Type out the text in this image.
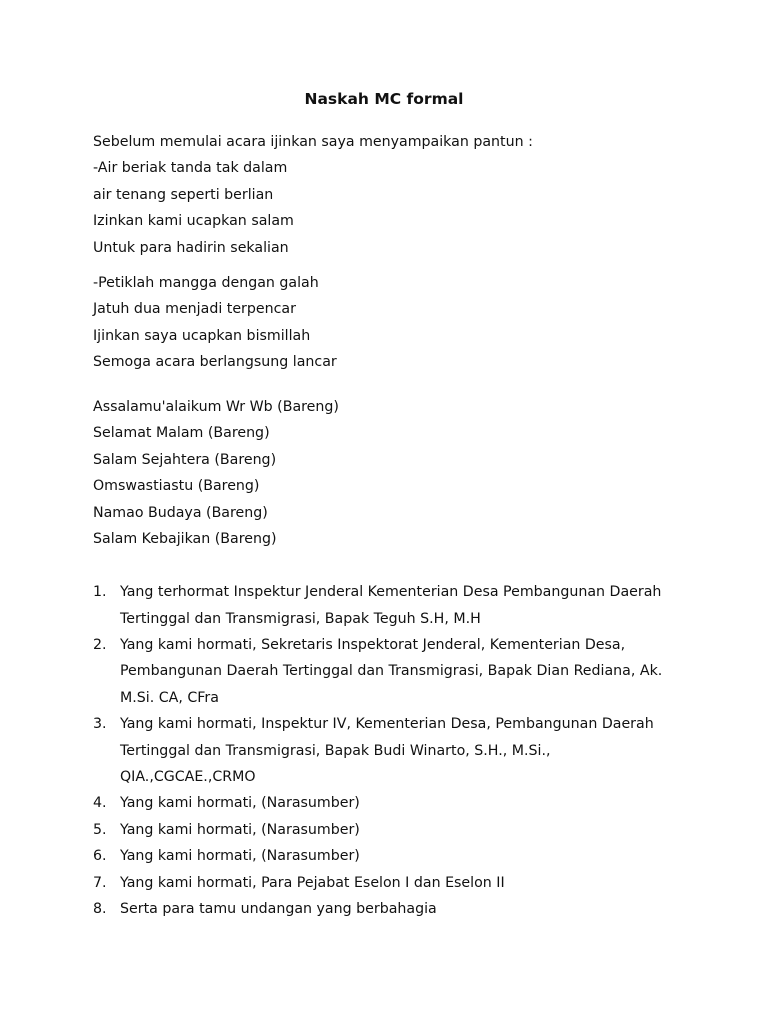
Naskah MC formal
Sebelum memulai acara ijinkan saya menyampaikan pantun :
-Air beriak tanda tak dalam
air tenang seperti berlian
Izinkan kami ucapkan salam
Untuk para hadirin sekalian
-Petiklah mangga dengan galah
Jatuh dua menjadi terpencar
Ijinkan saya ucapkan bismillah
Semoga acara berlangsung lancar
Assalamu'alaikum Wr Wb (Bareng)
Selamat Malam (Bareng)
Salam Sejahtera (Bareng)
Omswastiastu (Bareng)
Namao Budaya (Bareng)
Salam Kebajikan (Bareng)
1. Yang terhormat Inspektur Jenderal Kementerian Desa Pembangunan Daerah
Tertinggal dan Transmigrasi, Bapak Teguh S.H, M.H
2. Yang kami hormati, Sekretaris Inspektorat Jenderal, Kementerian Desa,
Pembangunan Daerah Tertinggal dan Transmigrasi, Bapak Dian Rediana, Ak.
M.Si. CA, CFra
3. Yang kami hormati, Inspektur IV, Kementerian Desa, Pembangunan Daerah
Tertinggal dan Transmigrasi, Bapak Budi Winarto, S.H., M.Si.,
QIA.,CGCAE.,CRMO
4. Yang kami hormati, (Narasumber)
5. Yang kami hormati, (Narasumber)
6. Yang kami hormati, (Narasumber)
7. Yang kami hormati, Para Pejabat Eselon I dan Eselon II
8. Serta para tamu undangan yang berbahagia
